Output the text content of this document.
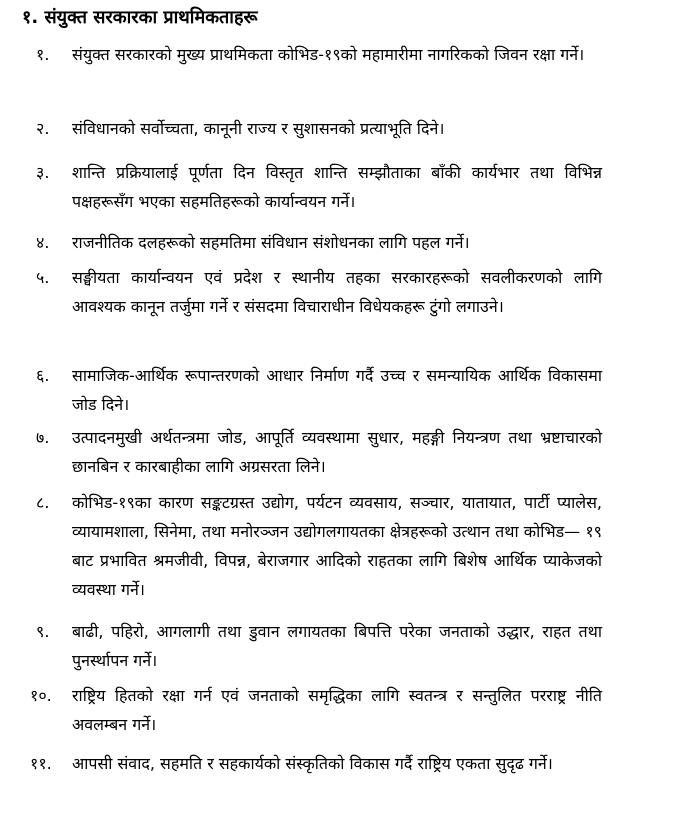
१. संयुक्त सरकारका प्राथमिकताहरू
१.	संयुक्त सरकारको मुख्य प्राथमिकता कोभिड-१९को महामारीमा नागरिकको जिवन रक्षा गर्ने।
२.	संविधानको सर्वोच्चता, कानूनी राज्य र सुशासनको प्रत्याभूति दिने।
३.	शान्ति प्रक्रियालाई पूर्णता दिन विस्तृत शान्ति सम्झौताका बाँकी कार्यभार तथा विभिन्न पक्षहरूसँग भएका सहमतिहरूको कार्यान्वयन गर्ने।
४.	राजनीतिक दलहरूको सहमतिमा संविधान संशोधनका लागि पहल गर्ने।
५.	सङ्घीयता कार्यान्वयन एवं प्रदेश र स्थानीय तहका सरकारहरूको सवलीकरणको लागि आवश्यक कानून तर्जुमा गर्ने र संसदमा विचाराधीन विधेयकहरू टुंगो लगाउने।
६.	सामाजिक-आर्थिक रूपान्तरणको आधार निर्माण गर्दै उच्च र समन्यायिक आर्थिक विकासमा जोड दिने।
७.	उत्पादनमुखी अर्थतन्त्रमा जोड, आपूर्ति व्यवस्थामा सुधार, महङ्गी नियन्त्रण तथा भ्रष्टाचारको छानबिन र कारबाहीका लागि अग्रसरता लिने।
८.	कोभिड-१९का कारण सङ्कटग्रस्त उद्योग, पर्यटन व्यवसाय, सञ्चार, यातायात, पार्टी प्यालेस, व्यायामशाला, सिनेमा, तथा मनोरञ्जन उद्योगलगायतका क्षेत्रहरूको उत्थान तथा कोभिड— १९ बाट प्रभावित श्रमजीवी, विपन्न, बेराजगार आदिको राहतका लागि बिशेष आर्थिक प्याकेजको व्यवस्था गर्ने।
९.	बाढी, पहिरो, आगलागी तथा डुवान लगायतका बिपत्ति परेका जनताको उद्धार, राहत तथा पुनर्स्थापन गर्ने।
१०.	राष्ट्रिय हितको रक्षा गर्न एवं जनताको समृद्धिका लागि स्वतन्त्र र सन्तुलित परराष्ट्र नीति अवलम्बन गर्ने।
११.	आपसी संवाद, सहमति र सहकार्यको संस्कृतिको विकास गर्दै राष्ट्रिय एकता सुदृढ गर्ने।
